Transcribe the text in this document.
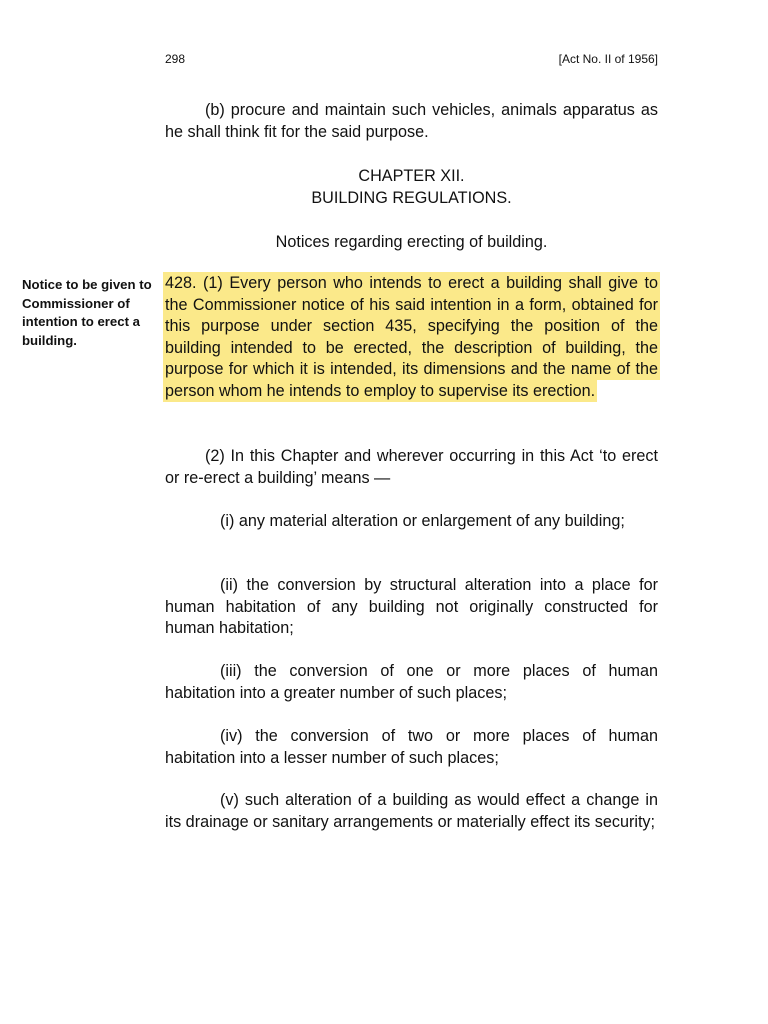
298	[Act No. II of 1956]

(b) procure and maintain such vehicles, animals apparatus as he shall think fit for the said purpose.

CHAPTER XII.
BUILDING REGULATIONS.
Notices regarding erecting of building.
Notice to be given to Commissioner of intention to erect a building.

428. (1) Every person who intends to erect a building shall give to the Commissioner notice of his said intention in a form, obtained for this purpose under section 435, specifying the position of the building intended to be erected, the description of building, the purpose for which it is intended, its dimensions and the name of the person whom he intends to employ to supervise its erection.

(2) In this Chapter and wherever occurring in this Act ‘to erect or re-erect a building’ means —

(i) any material alteration or enlargement of any building;

(ii) the conversion by structural alteration into a place for human habitation of any building not originally constructed for human habitation;

(iii) the conversion of one or more places of human habitation into a greater number of such places;

(iv) the conversion of two or more places of human habitation into a lesser number of such places;

(v) such alteration of a building as would effect a change in its drainage or sanitary arrangements or materially effect its security;
